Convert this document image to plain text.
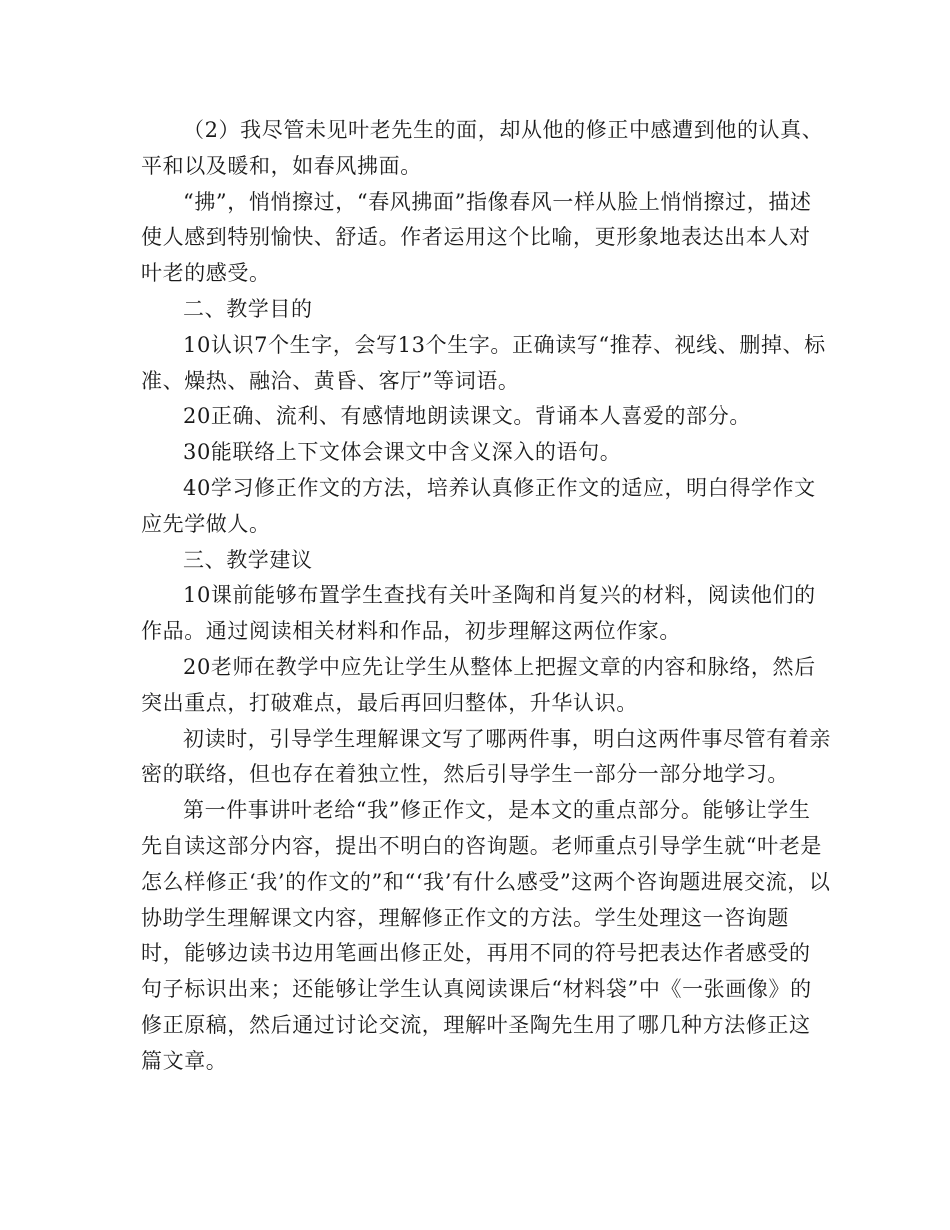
（2）我尽管未见叶老先生的面，却从他的修正中感遭到他的认真、平和以及暖和，如春风拂面。

“拂”，悄悄擦过，“春风拂面”指像春风一样从脸上悄悄擦过，描述使人感到特别愉快、舒适。作者运用这个比喻，更形象地表达出本人对叶老的感受。

二、教学目的

10认识7个生字，会写13个生字。正确读写“推荐、视线、删掉、标准、燥热、融洽、黄昏、客厅”等词语。

20正确、流利、有感情地朗读课文。背诵本人喜爱的部分。

30能联络上下文体会课文中含义深入的语句。

40学习修正作文的方法，培养认真修正作文的适应，明白得学作文应先学做人。

三、教学建议

10课前能够布置学生查找有关叶圣陶和肖复兴的材料，阅读他们的作品。通过阅读相关材料和作品，初步理解这两位作家。

20老师在教学中应先让学生从整体上把握文章的内容和脉络，然后突出重点，打破难点，最后再回归整体，升华认识。

初读时，引导学生理解课文写了哪两件事，明白这两件事尽管有着亲密的联络，但也存在着独立性，然后引导学生一部分一部分地学习。

第一件事讲叶老给“我”修正作文，是本文的重点部分。能够让学生先自读这部分内容，提出不明白的咨询题。老师重点引导学生就“叶老是怎么样修正‘我’的作文的”和“‘我’有什么感受”这两个咨询题进展交流，以协助学生理解课文内容，理解修正作文的方法。学生处理这一咨询题时，能够边读书边用笔画出修正处，再用不同的符号把表达作者感受的句子标识出来；还能够让学生认真阅读课后“材料袋”中《一张画像》的修正原稿，然后通过讨论交流，理解叶圣陶先生用了哪几种方法修正这篇文章。
